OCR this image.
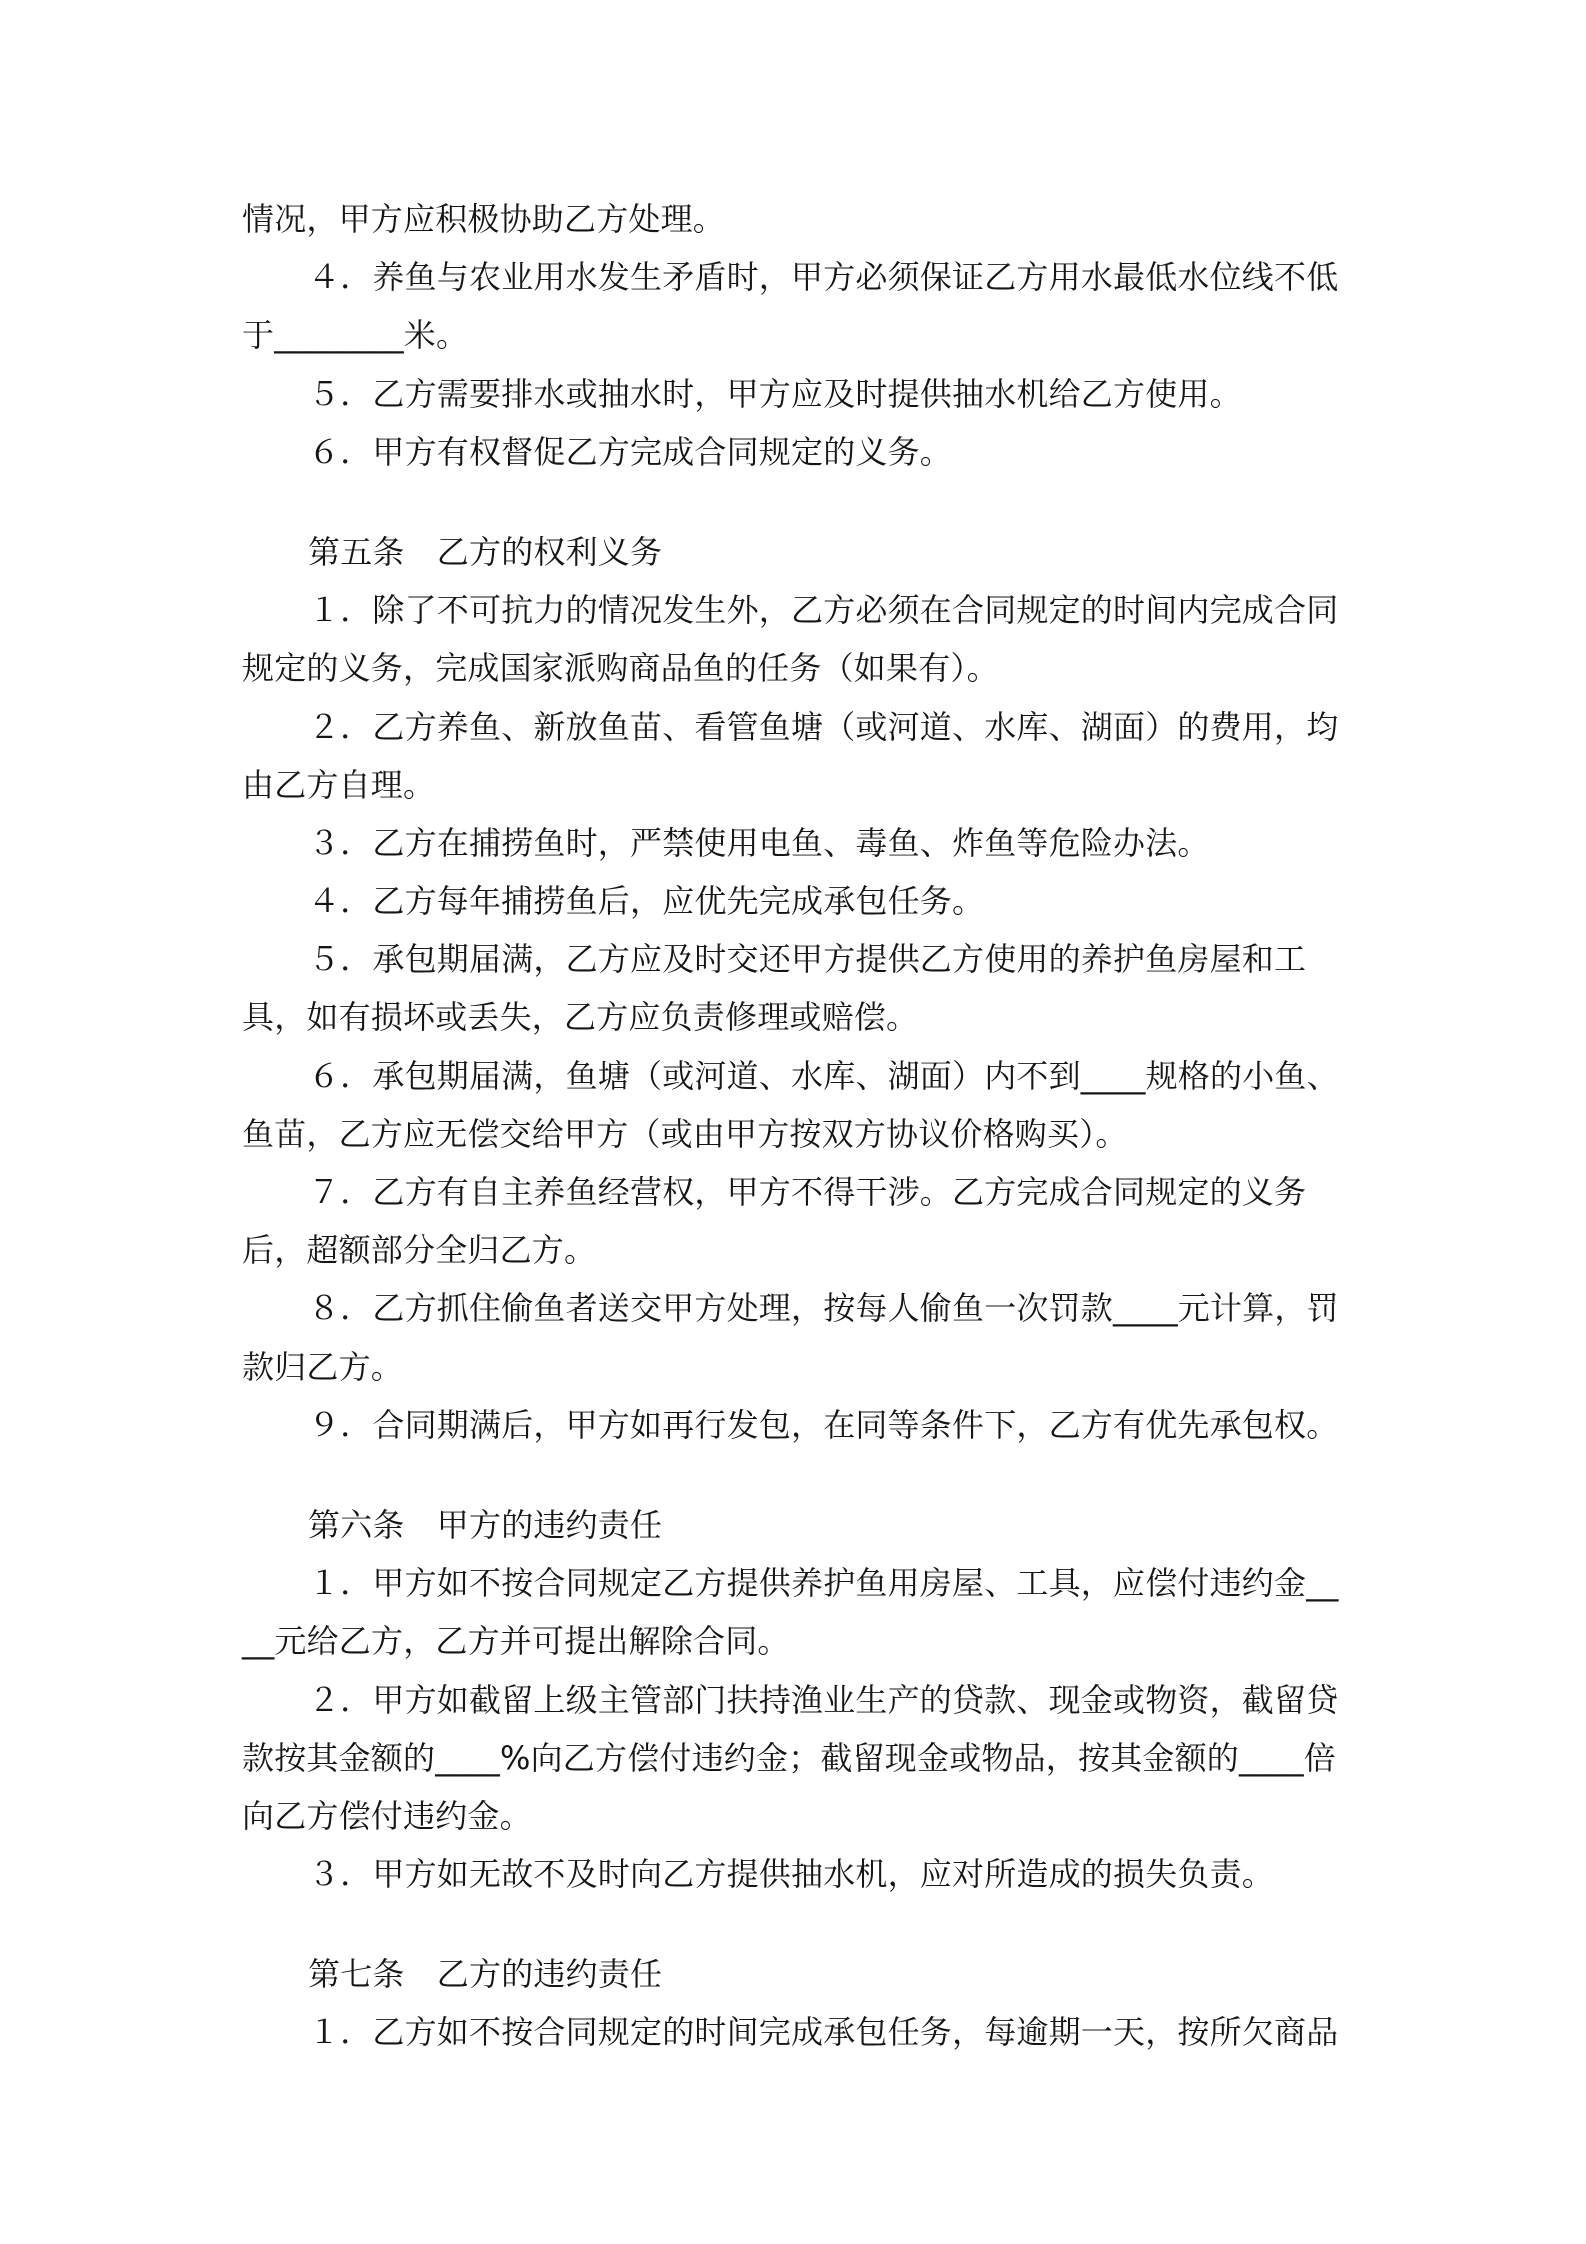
情况，甲方应积极协助乙方处理。
４．养鱼与农业用水发生矛盾时，甲方必须保证乙方用水最低水位线不低
于________米。
５．乙方需要排水或抽水时，甲方应及时提供抽水机给乙方使用。
６．甲方有权督促乙方完成合同规定的义务。
第五条　乙方的权利义务
１．除了不可抗力的情况发生外，乙方必须在合同规定的时间内完成合同
规定的义务，完成国家派购商品鱼的任务（如果有）。
２．乙方养鱼、新放鱼苗、看管鱼塘（或河道、水库、湖面）的费用，均
由乙方自理。
３．乙方在捕捞鱼时，严禁使用电鱼、毒鱼、炸鱼等危险办法。
４．乙方每年捕捞鱼后，应优先完成承包任务。
５．承包期届满，乙方应及时交还甲方提供乙方使用的养护鱼房屋和工
具，如有损坏或丢失，乙方应负责修理或赔偿。
６．承包期届满，鱼塘（或河道、水库、湖面）内不到____规格的小鱼、
鱼苗，乙方应无偿交给甲方（或由甲方按双方协议价格购买）。
７．乙方有自主养鱼经营权，甲方不得干涉。乙方完成合同规定的义务
后，超额部分全归乙方。
８．乙方抓住偷鱼者送交甲方处理，按每人偷鱼一次罚款____元计算，罚
款归乙方。
９．合同期满后，甲方如再行发包，在同等条件下，乙方有优先承包权。
第六条　甲方的违约责任
１．甲方如不按合同规定乙方提供养护鱼用房屋、工具，应偿付违约金__
__元给乙方，乙方并可提出解除合同。
２．甲方如截留上级主管部门扶持渔业生产的贷款、现金或物资，截留贷
款按其金额的____%向乙方偿付违约金；截留现金或物品，按其金额的____倍
向乙方偿付违约金。
３．甲方如无故不及时向乙方提供抽水机，应对所造成的损失负责。
第七条　乙方的违约责任
１．乙方如不按合同规定的时间完成承包任务，每逾期一天，按所欠商品
